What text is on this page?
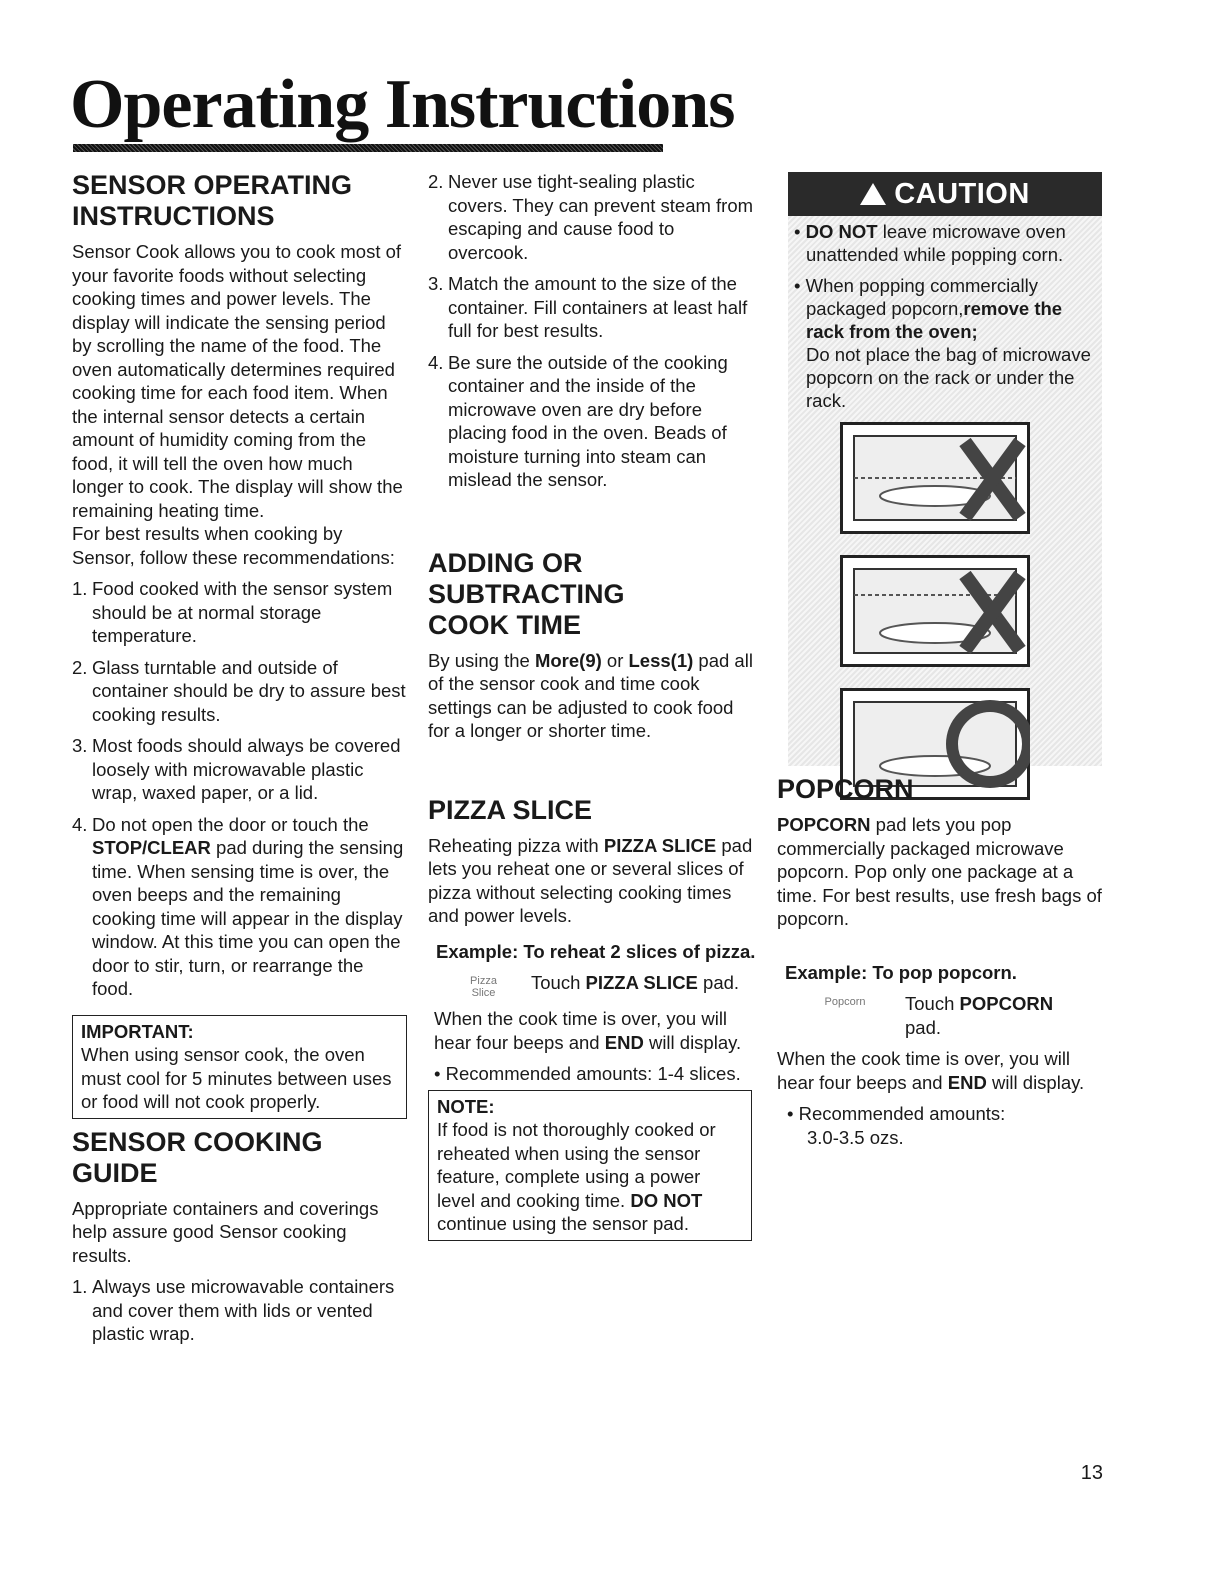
Operating Instructions
SENSOR OPERATING
INSTRUCTIONS

Sensor Cook allows you to cook most of your favorite foods without selecting cooking times and power levels. The display will indicate the sensing period by scrolling the name of the food. The oven automatically determines required cooking time for each food item. When the internal sensor detects a certain amount of humidity coming from the food, it will tell the oven how much longer to cook. The display will show the remaining heating time.

For best results when cooking by Sensor, follow these recommendations:

1. Food cooked with the sensor system should be at normal storage temperature.
2. Glass turntable and outside of container should be dry to assure best cooking results.
3. Most foods should always be covered loosely with microwavable plastic wrap, waxed paper, or a lid.
4. Do not open the door or touch the STOP/CLEAR pad during the sensing time. When sensing time is over, the oven beeps and the remaining cooking time will appear in the display window. At this time you can open the door to stir, turn, or rearrange the food.
IMPORTANT:
When using sensor cook, the oven must cool for 5 minutes between uses or food will not cook properly.
SENSOR COOKING
GUIDE

Appropriate containers and coverings help assure good Sensor cooking results.

1. Always use microwavable containers and cover them with lids or vented plastic wrap.
2. Never use tight-sealing plastic covers. They can prevent steam from escaping and cause food to overcook.
3. Match the amount to the size of the container. Fill containers at least half full for best results.
4. Be sure the outside of the cooking container and the inside of the microwave oven are dry before placing food in the oven. Beads of moisture turning into steam can mislead the sensor.
ADDING OR
SUBTRACTING
COOK TIME

By using the More(9) or Less(1) pad all of the sensor cook and time cook settings can be adjusted to cook food for a longer or shorter time.

PIZZA SLICE

Reheating pizza with PIZZA SLICE pad lets you reheat one or several slices of pizza without selecting cooking times and power levels.

Example: To reheat 2 slices of pizza.
Pizza
Slice	Touch PIZZA SLICE pad.

When the cook time is over, you will hear four beeps and END will display.

• Recommended amounts: 1-4 slices.

NOTE:
If food is not thoroughly cooked or reheated when using the sensor feature, complete using a power level and cooking time. DO NOT continue using the sensor pad.
CAUTION
• DO NOT leave microwave oven unattended while popping corn.
• When popping commercially packaged popcorn,remove the rack from the oven;
Do not place the bag of microwave popcorn on the rack or under the rack.

POPCORN

POPCORN pad lets you pop commercially packaged microwave popcorn. Pop only one package at a time. For best results, use fresh bags of popcorn.

Example: To pop popcorn.
Popcorn	Touch POPCORN
pad.

When the cook time is over, you will hear four beeps and END will display.

• Recommended amounts:
3.0-3.5 ozs.

13
